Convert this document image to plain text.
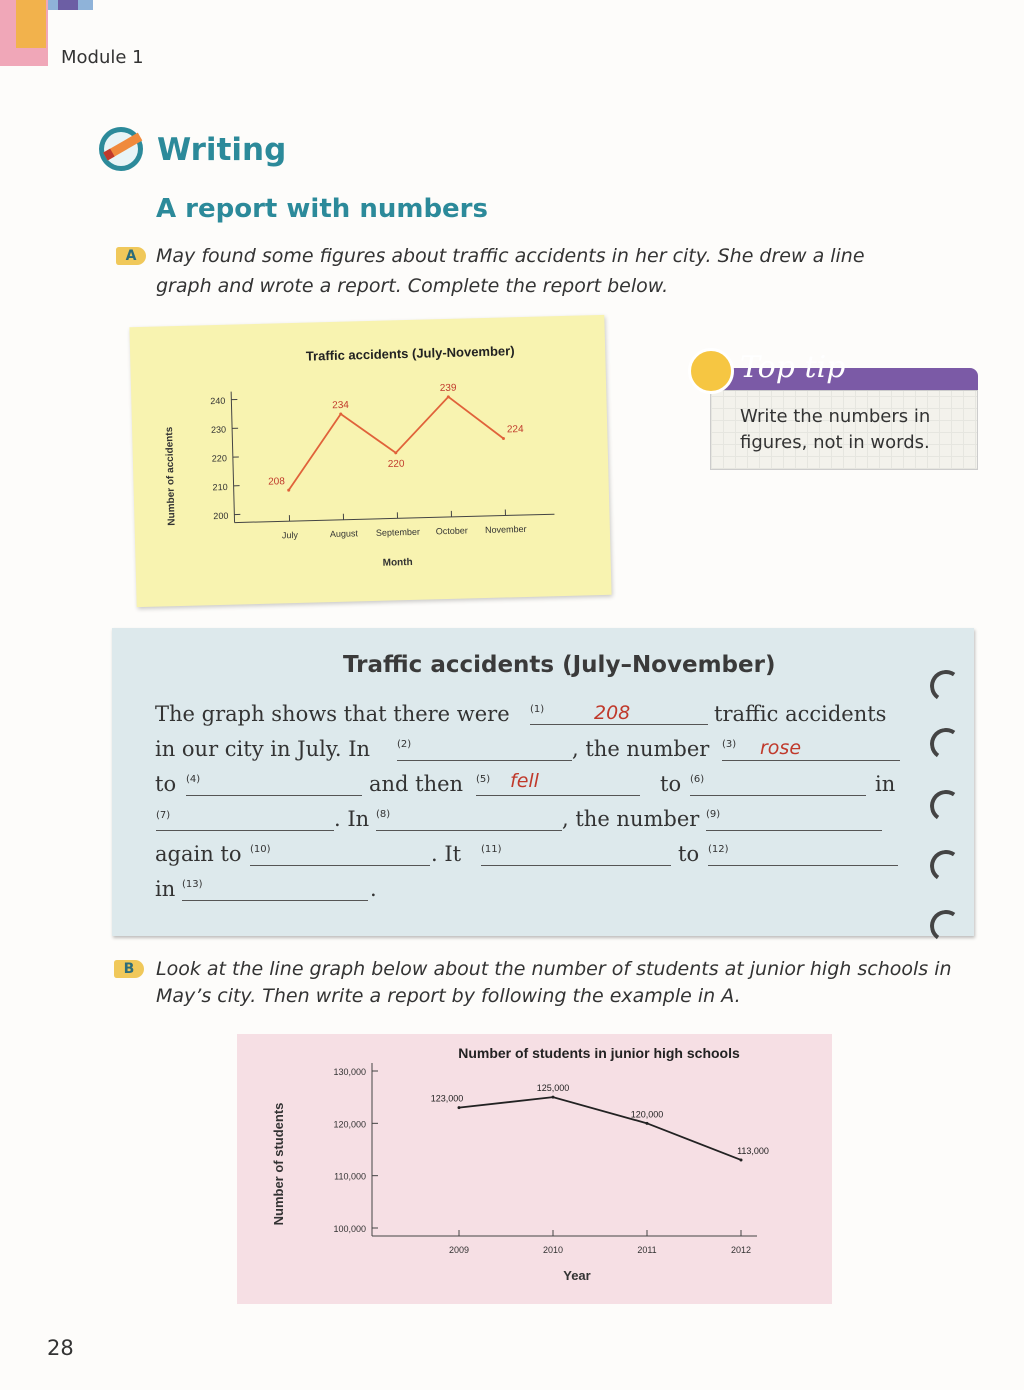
Module 1
Writing
A report with numbers
A	May found some figures about traffic accidents in her city. She drew a line
graph and wrote a report. Complete the report below.
Traffic accidents (July-November)
200
210
220
230
240
July	August September October November
Month
Number of accidents	208
234
220
239
224
Top tip
Write the numbers in
figures, not in words.
Traffic accidents (July–November)
The graph shows that there were (1)	208	traffic accidents
in our city in July. In	(2)	, the number (3) rose
to (4)	and then (5) fell	to (6)	in
(7)	. In (8)	, the number (9)
again to (10)	. It (11)	to (12)
in (13)	.
B	Look at the line graph below about the number of students at junior high schools in
May’s city. Then write a report by following the example in A.
Number of students in junior high schools
100,000
110,000
120,000
130,000
2009	2010	2011	2012
Year
Number of students
123,000
125,000
120,000
113,000
28
